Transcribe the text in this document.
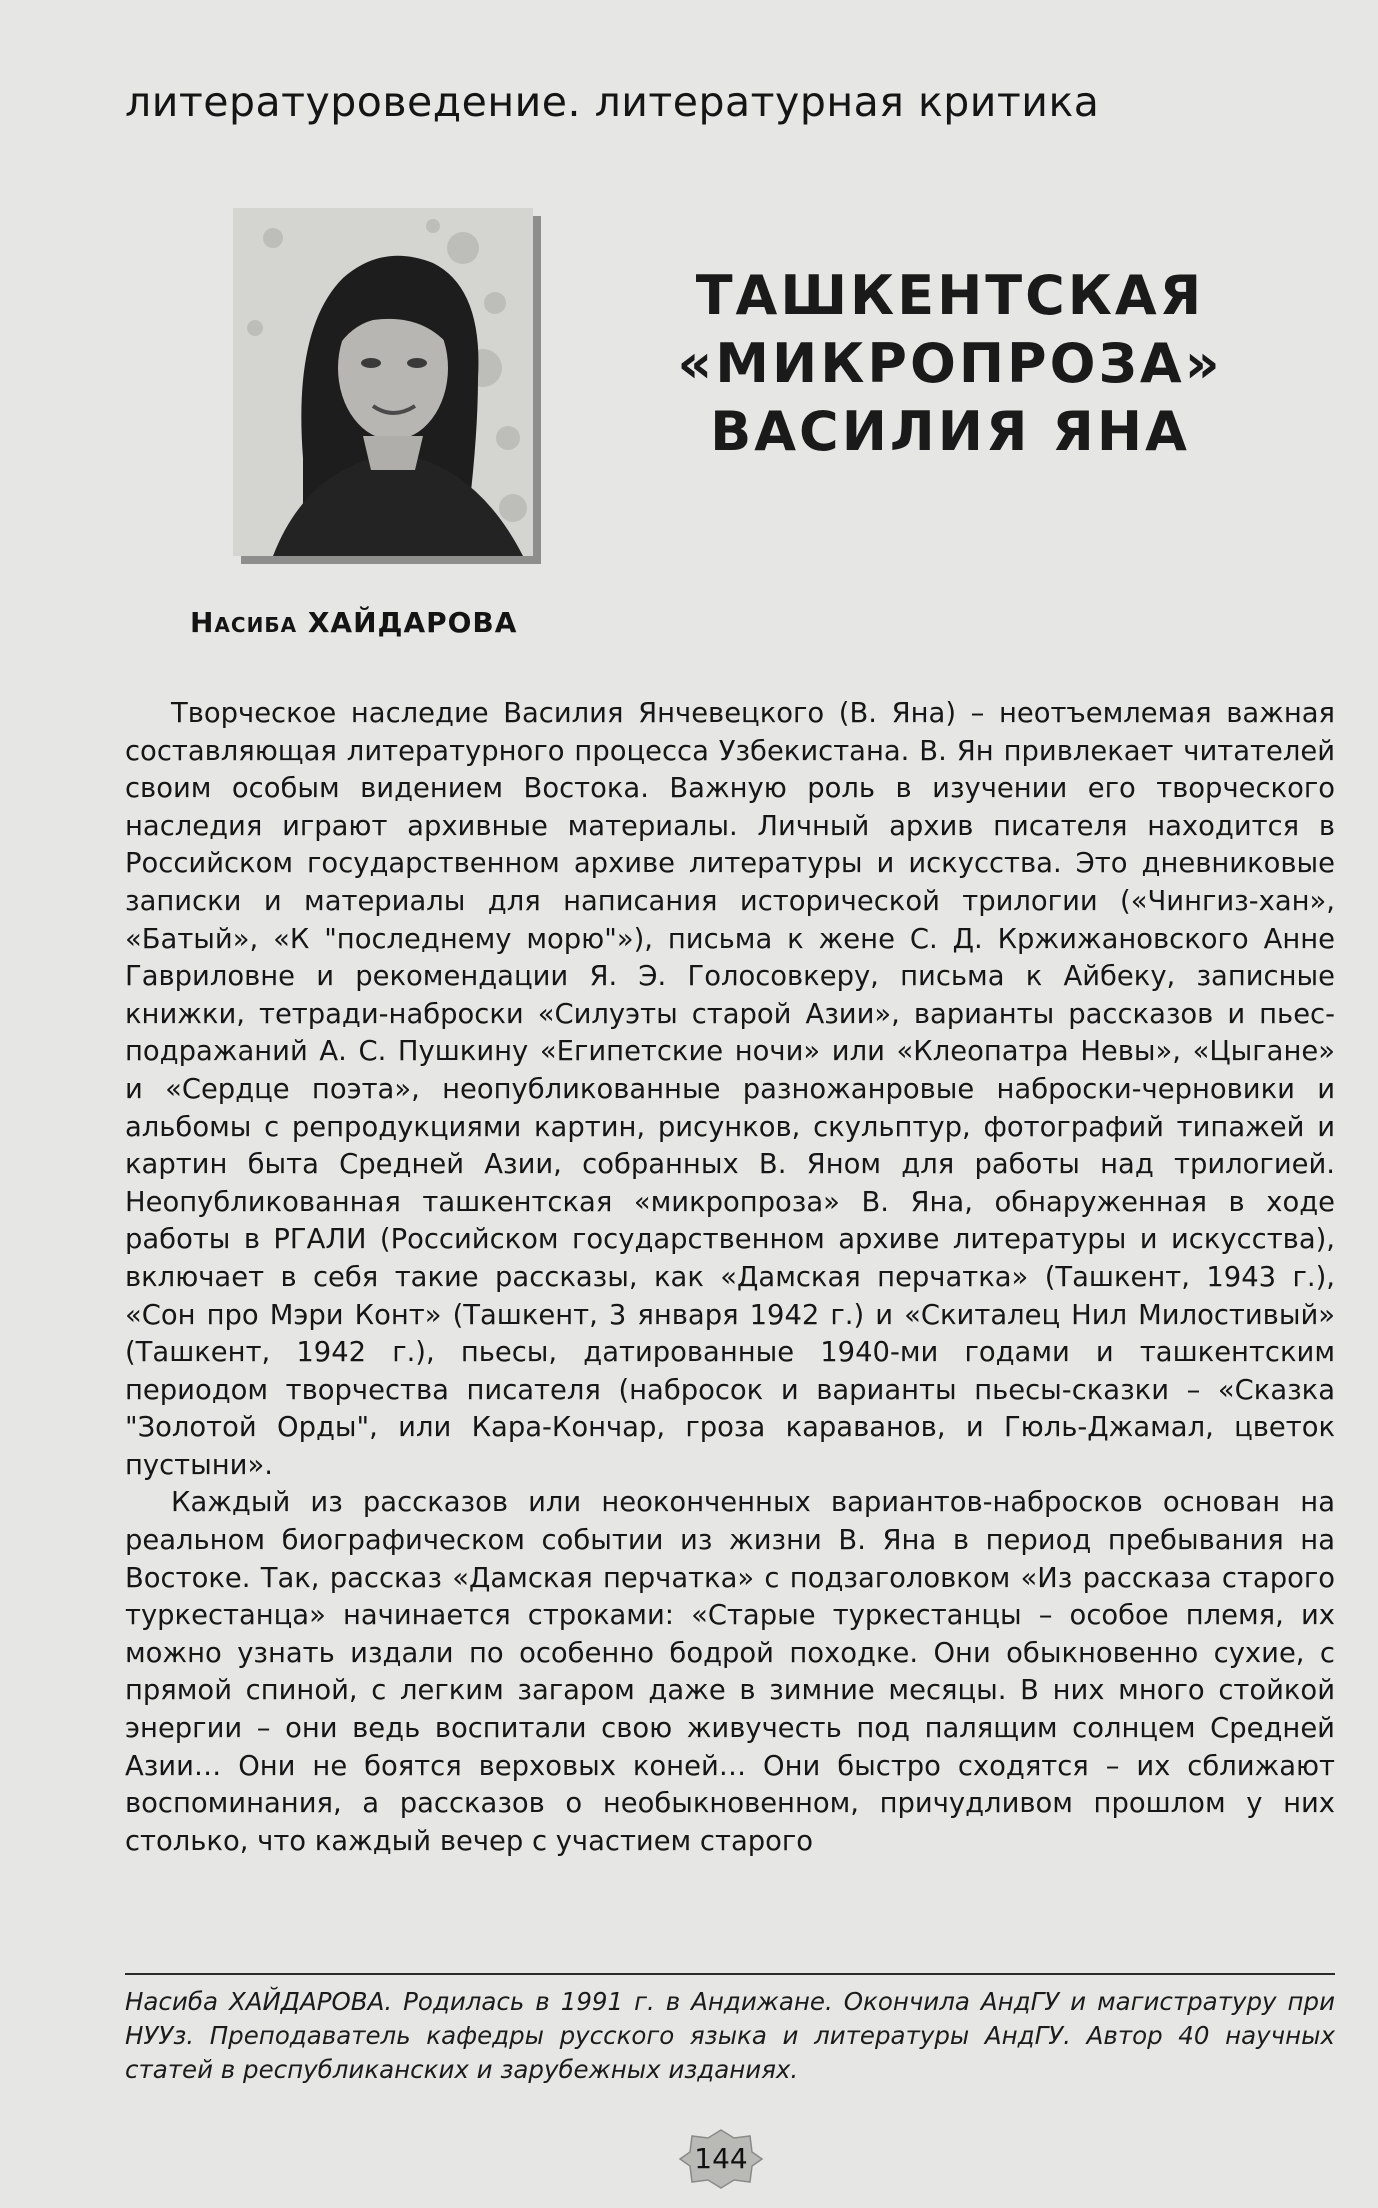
литературоведение. литературная критика
ТАШКЕНТСКАЯ
«МИКРОПРОЗА»
ВАСИЛИЯ ЯНА
Насиба ХАЙДАРОВА

Творческое наследие Василия Янчевецкого (В. Яна) – неотъемлемая важная составляющая литературного процесса Узбекистана. В. Ян привлекает читателей своим особым видением Востока. Важную роль в изучении его творческого наследия играют архивные материалы. Личный архив писателя находится в Российском государственном архиве литературы и искусства. Это дневниковые записки и материалы для написания исторической трилогии («Чингиз-хан», «Батый», «К "последнему морю"»), письма к жене С. Д. Кржижановского Анне Гавриловне и рекомендации Я. Э. Голосовкеру, письма к Айбеку, записные книжки, тетради-наброски «Силуэты старой Азии», варианты рассказов и пьес-подражаний А. С. Пушкину «Египетские ночи» или «Клеопатра Невы», «Цыгане» и «Сердце поэта», неопубликованные разножанровые наброски-черновики и альбомы с репродукциями картин, рисунков, скульптур, фотографий типажей и картин быта Средней Азии, собранных В. Яном для работы над трилогией. Неопубликованная ташкентская «микропроза» В. Яна, обнаруженная в ходе работы в РГАЛИ (Российском государственном архиве литературы и искусства), включает в себя такие рассказы, как «Дамская перчатка» (Ташкент, 1943 г.), «Сон про Мэри Конт» (Ташкент, 3 января 1942 г.) и «Скиталец Нил Милостивый» (Ташкент, 1942 г.), пьесы, датированные 1940-ми годами и ташкентским периодом творчества писателя (набросок и варианты пьесы-сказки – «Сказка "Золотой Орды", или Кара-Кончар, гроза караванов, и Гюль-Джамал, цветок пустыни».

Каждый из рассказов или неоконченных вариантов-набросков основан на реальном биографическом событии из жизни В. Яна в период пребывания на Востоке. Так, рассказ «Дамская перчатка» с подзаголовком «Из рассказа старого туркестанца» начинается строками: «Старые туркестанцы – особое племя, их можно узнать издали по особенно бодрой походке. Они обыкновенно сухие, с прямой спиной, с легким загаром даже в зимние месяцы. В них много стойкой энергии – они ведь воспитали свою живучесть под палящим солнцем Средней Азии… Они не боятся верховых коней… Они быстро сходятся – их сближают воспоминания, а рассказов о необыкновенном, причудливом прошлом у них столько, что каждый вечер с участием старого

Насиба ХАЙДАРОВА. Родилась в 1991 г. в Андижане. Окончила АндГУ и магистратуру при НУУз. Преподаватель кафедры русского языка и литературы АндГУ. Автор 40 научных статей в республиканских и зарубежных изданиях.
144
